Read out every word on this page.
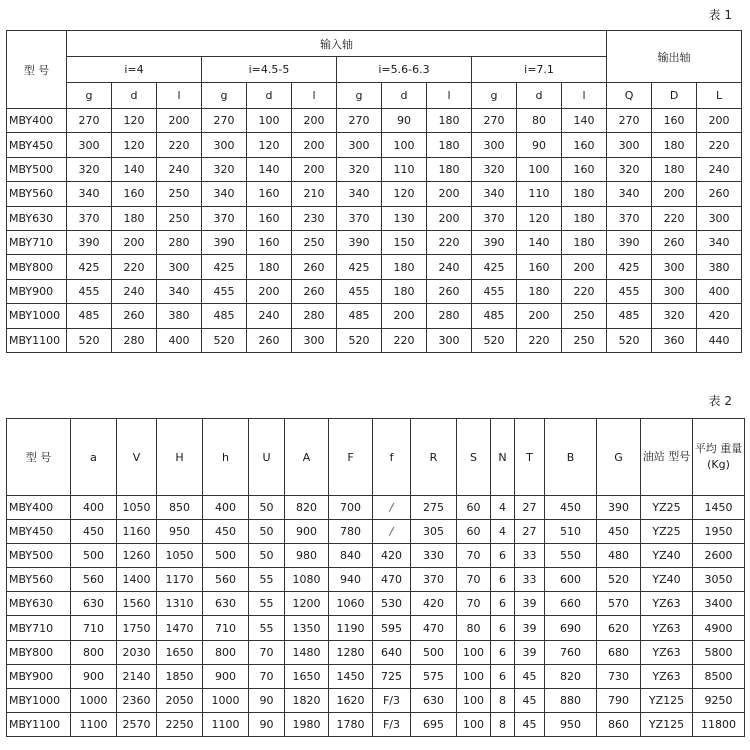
表 1
型 号	输入轴												输出轴		
	i=4			i=4.5-5			i=5.6-6.3			i=7.1					
	g	d	l	g	d	l	g	d	l	g	d	l	Q	D	L
MBY400	270	120	200	270	100	200	270	90	180	270	80	140	270	160	200
MBY450	300	120	220	300	120	200	300	100	180	300	90	160	300	180	220
MBY500	320	140	240	320	140	200	320	110	180	320	100	160	320	180	240
MBY560	340	160	250	340	160	210	340	120	200	340	110	180	340	200	260
MBY630	370	180	250	370	160	230	370	130	200	370	120	180	370	220	300
MBY710	390	200	280	390	160	250	390	150	220	390	140	180	390	260	340
MBY800	425	220	300	425	180	260	425	180	240	425	160	200	425	300	380
MBY900	455	240	340	455	200	260	455	180	260	455	180	220	455	300	400
MBY1000	485	260	380	485	240	280	485	200	280	485	200	250	485	320	420
MBY1100	520	280	400	520	260	300	520	220	300	520	220	250	520	360	440
表 2
型 号	a	V	H	h	U	A	F	f	R	S	N	T	B	G	油站 型号	平均 重量 (Kg)
MBY400	400	1050	850	400	50	820	700	/	275	60	4	27	450	390	YZ25	1450
MBY450	450	1160	950	450	50	900	780	/	305	60	4	27	510	450	YZ25	1950
MBY500	500	1260	1050	500	50	980	840	420	330	70	6	33	550	480	YZ40	2600
MBY560	560	1400	1170	560	55	1080	940	470	370	70	6	33	600	520	YZ40	3050
MBY630	630	1560	1310	630	55	1200	1060	530	420	70	6	39	660	570	YZ63	3400
MBY710	710	1750	1470	710	55	1350	1190	595	470	80	6	39	690	620	YZ63	4900
MBY800	800	2030	1650	800	70	1480	1280	640	500	100	6	39	760	680	YZ63	5800
MBY900	900	2140	1850	900	70	1650	1450	725	575	100	6	45	820	730	YZ63	8500
MBY1000	1000	2360	2050	1000	90	1820	1620	F/3	630	100	8	45	880	790	YZ125	9250
MBY1100	1100	2570	2250	1100	90	1980	1780	F/3	695	100	8	45	950	860	YZ125	11800
